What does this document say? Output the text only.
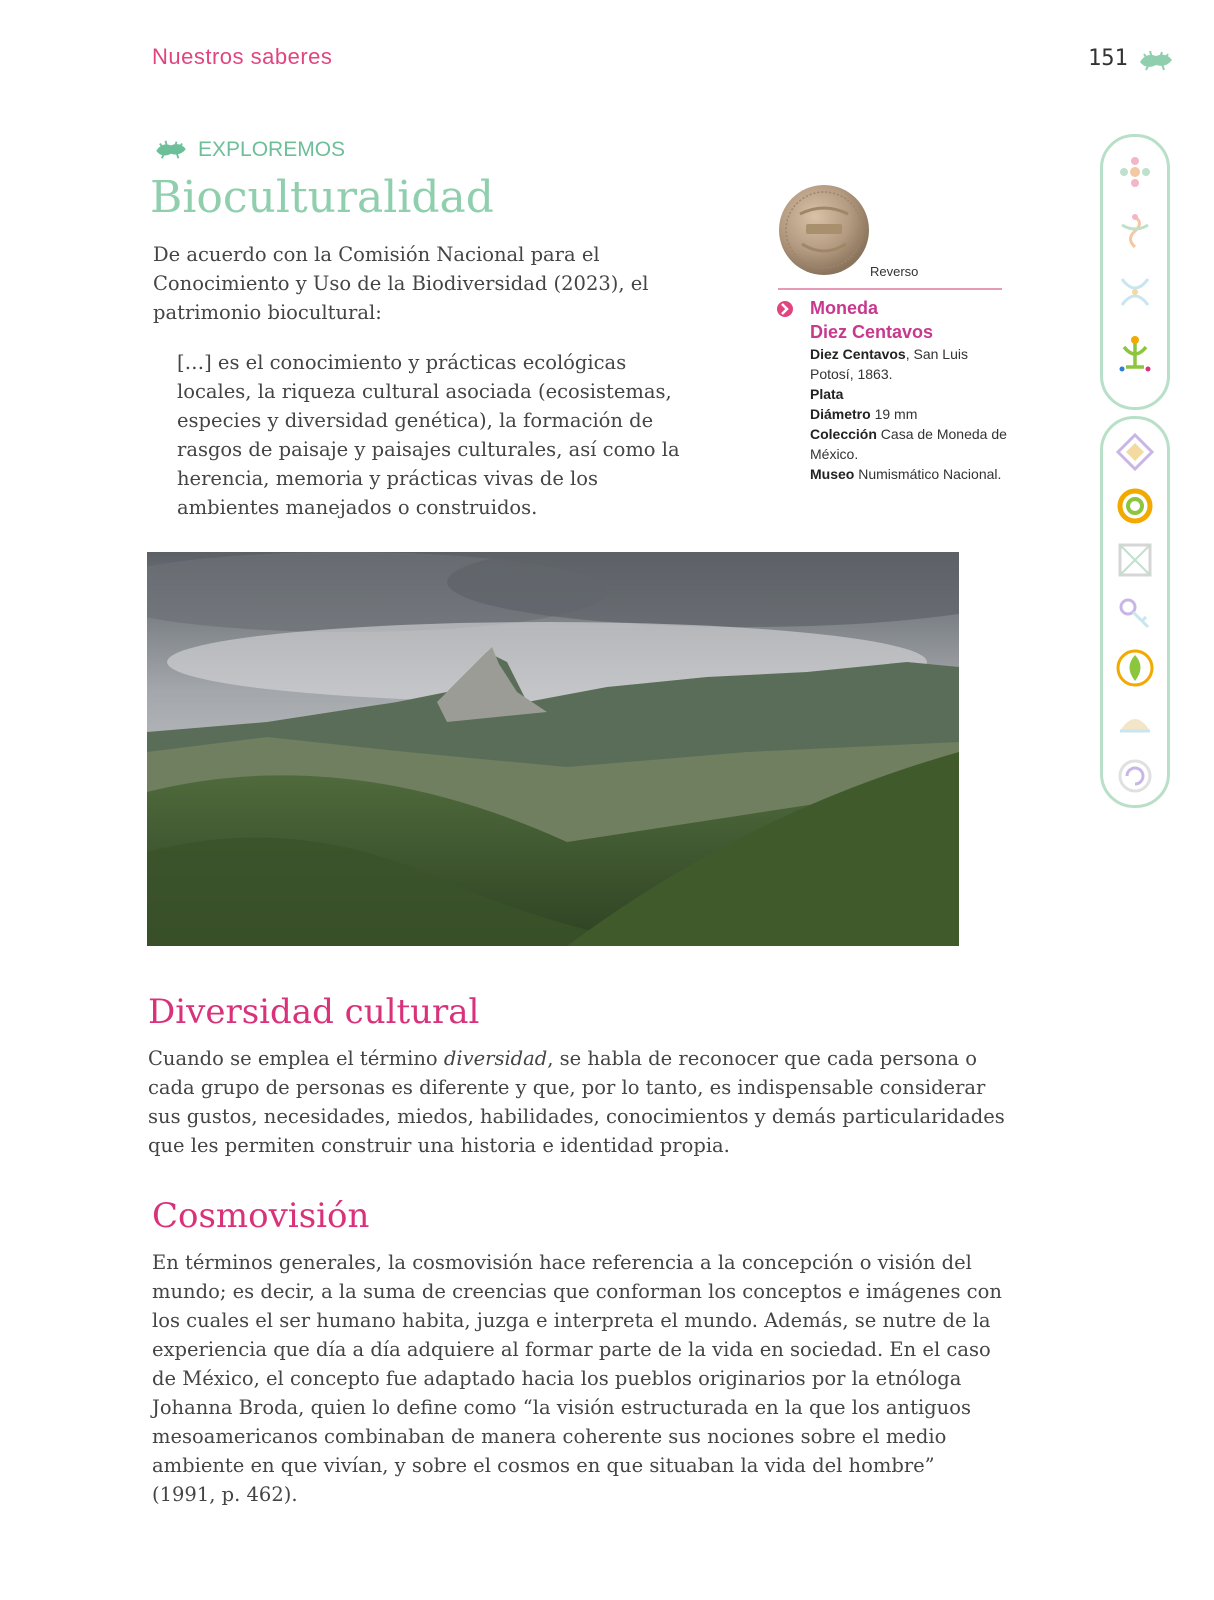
Nuestros saberes	151
EXPLOREMOS
Bioculturalidad

De acuerdo con la Comisión Nacional para el Conocimiento y Uso de la Biodiversidad (2023), el patrimonio biocultural:

[…] es el conocimiento y prácticas ecológicas locales, la riqueza cultural asociada (ecosistemas, especies y diversidad genética), la formación de rasgos de paisaje y paisajes culturales, así como la herencia, memoria y prácticas vivas de los ambientes manejados o construidos.

Reverso
Moneda
Diez Centavos
Diez Centavos, San Luis Potosí, 1863.
Plata
Diámetro 19 mm
Colección Casa de Moneda de México.
Museo Numismático Nacional.
Diversidad cultural

Cuando se emplea el término diversidad, se habla de reconocer que cada persona o cada grupo de personas es diferente y que, por lo tanto, es indispensable considerar sus gustos, necesidades, miedos, habilidades, conocimientos y demás particularidades que les permiten construir una historia e identidad propia.

Cosmovisión

En términos generales, la cosmovisión hace referencia a la concepción o visión del mundo; es decir, a la suma de creencias que conforman los conceptos e imágenes con los cuales el ser humano habita, juzga e interpreta el mundo. Además, se nutre de la experiencia que día a día adquiere al formar parte de la vida en sociedad. En el caso de México, el concepto fue adaptado hacia los pueblos originarios por la etnóloga Johanna Broda, quien lo define como “la visión estructurada en la que los antiguos mesoamericanos combinaban de manera coherente sus nociones sobre el medio ambiente en que vivían, y sobre el cosmos en que situaban la vida del hombre” (1991, p. 462).
